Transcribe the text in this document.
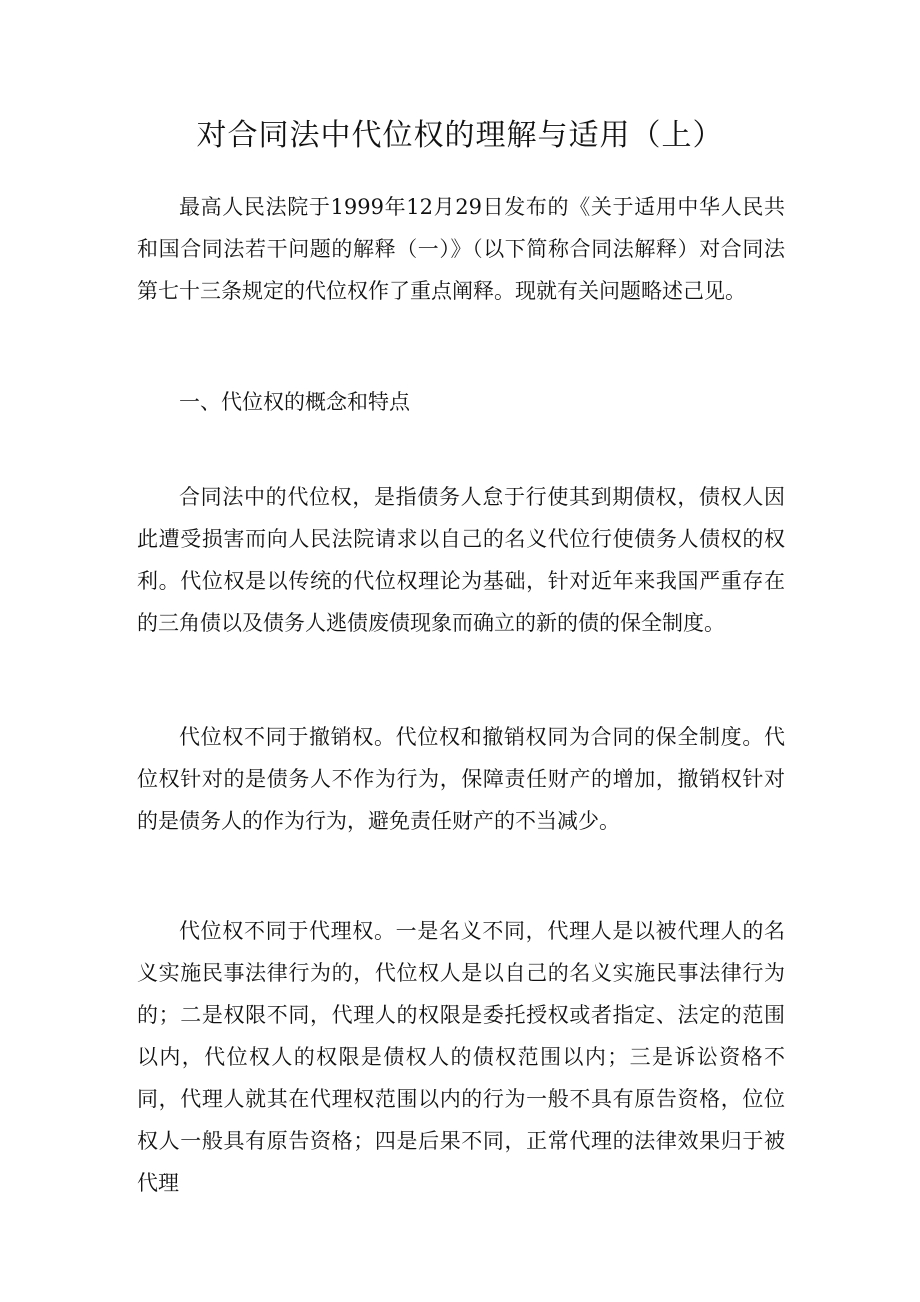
对合同法中代位权的理解与适用（上）

最高人民法院于1999年12月29日发布的《关于适用中华人民共和国合同法若干问题的解释（一）》（以下简称合同法解释）对合同法第七十三条规定的代位权作了重点阐释。现就有关问题略述己见。

一、代位权的概念和特点

合同法中的代位权，是指债务人怠于行使其到期债权，债权人因此遭受损害而向人民法院请求以自己的名义代位行使债务人债权的权利。代位权是以传统的代位权理论为基础，针对近年来我国严重存在的三角债以及债务人逃债废债现象而确立的新的债的保全制度。

代位权不同于撤销权。代位权和撤销权同为合同的保全制度。代位权针对的是债务人不作为行为，保障责任财产的增加，撤销权针对的是债务人的作为行为，避免责任财产的不当减少。

代位权不同于代理权。一是名义不同，代理人是以被代理人的名义实施民事法律行为的，代位权人是以自己的名义实施民事法律行为的；二是权限不同，代理人的权限是委托授权或者指定、法定的范围以内，代位权人的权限是债权人的债权范围以内；三是诉讼资格不同，代理人就其在代理权范围以内的行为一般不具有原告资格，位位权人一般具有原告资格；四是后果不同，正常代理的法律效果归于被代理
